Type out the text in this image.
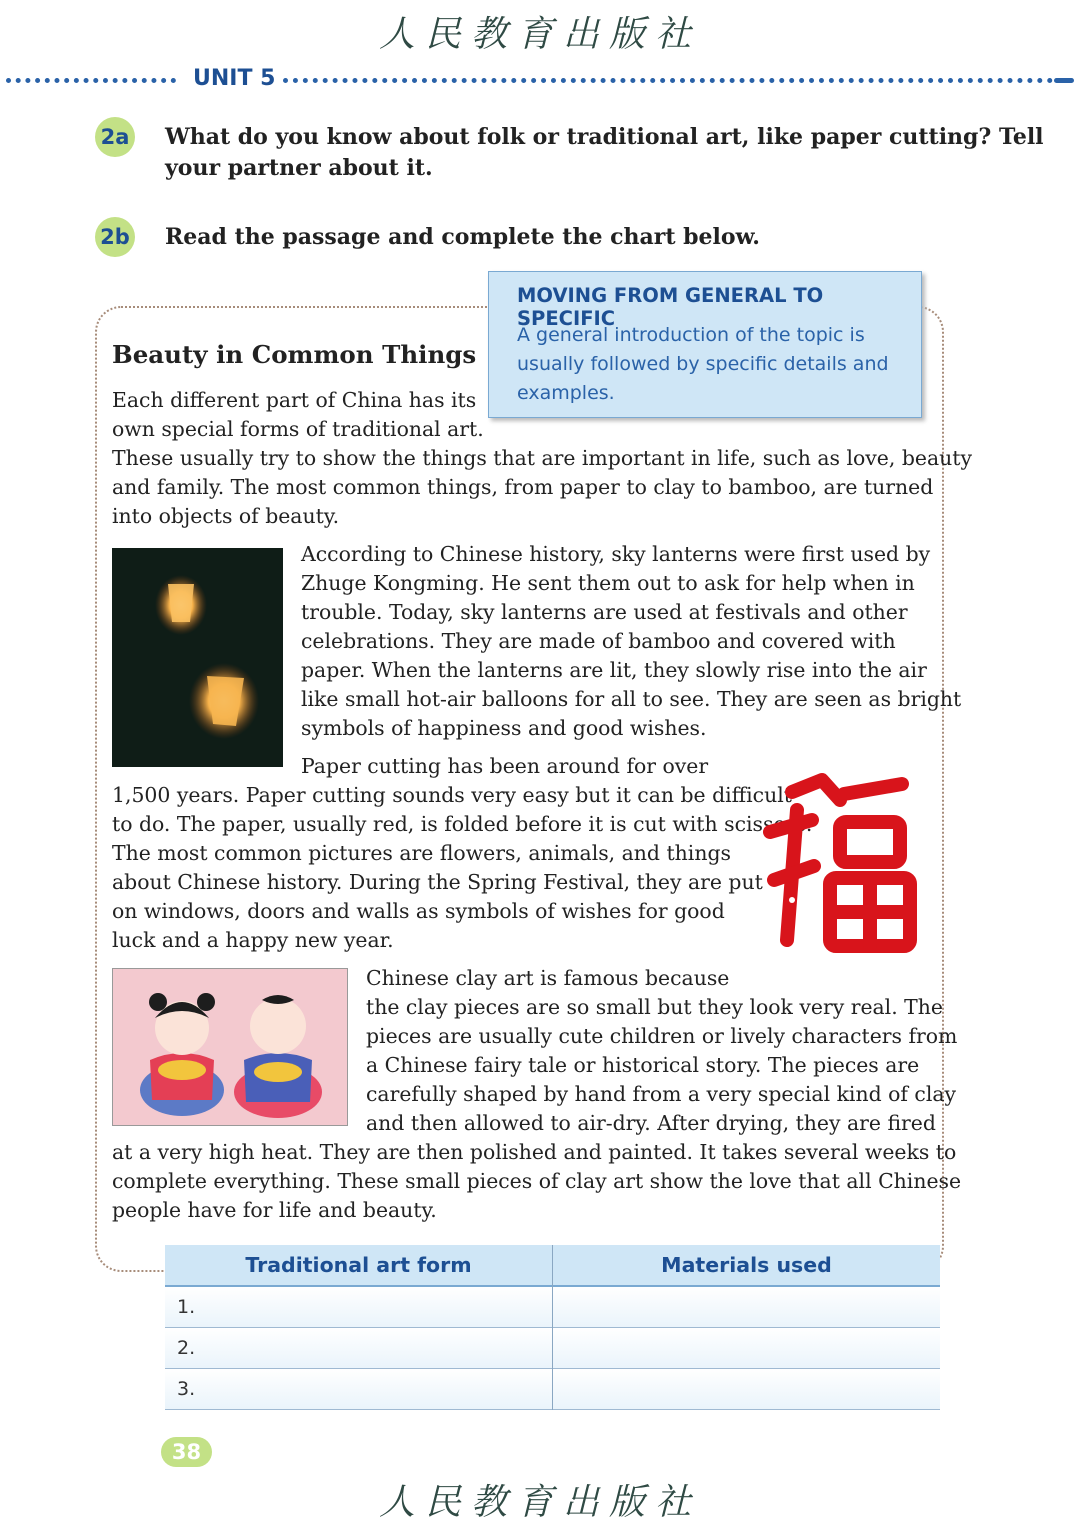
人民教育出版社
UNIT 5
2a What do you know about folk or traditional art, like paper cutting? Tell
your partner about it.
2b Read the passage and complete the chart below.
MOVING FROM GENERAL TO SPECIFIC
A general introduction of the topic is
usually followed by specific details and
examples.
Beauty in Common Things
Each different part of China has its
own special forms of traditional art.
These usually try to show the things that are important in life, such as love, beauty
and family. The most common things, from paper to clay to bamboo, are turned
into objects of beauty.
According to Chinese history, sky lanterns were first used by
Zhuge Kongming. He sent them out to ask for help when in
trouble. Today, sky lanterns are used at festivals and other
celebrations. They are made of bamboo and covered with
paper. When the lanterns are lit, they slowly rise into the air
like small hot-air balloons for all to see. They are seen as bright
symbols of happiness and good wishes.
Paper cutting has been around for over
1,500 years. Paper cutting sounds very easy but it can be difficult
to do. The paper, usually red, is folded before it is cut with scissors.
The most common pictures are flowers, animals, and things
about Chinese history. During the Spring Festival, they are put
on windows, doors and walls as symbols of wishes for good
luck and a happy new year.
Chinese clay art is famous because
the clay pieces are so small but they look very real. The
pieces are usually cute children or lively characters from
a Chinese fairy tale or historical story. The pieces are
carefully shaped by hand from a very special kind of clay
and then allowed to air-dry. After drying, they are fired
at a very high heat. They are then polished and painted. It takes several weeks to
complete everything. These small pieces of clay art show the love that all Chinese
people have for life and beauty.
Traditional art form	Materials used
1.
2.
3.
38
人民教育出版社
